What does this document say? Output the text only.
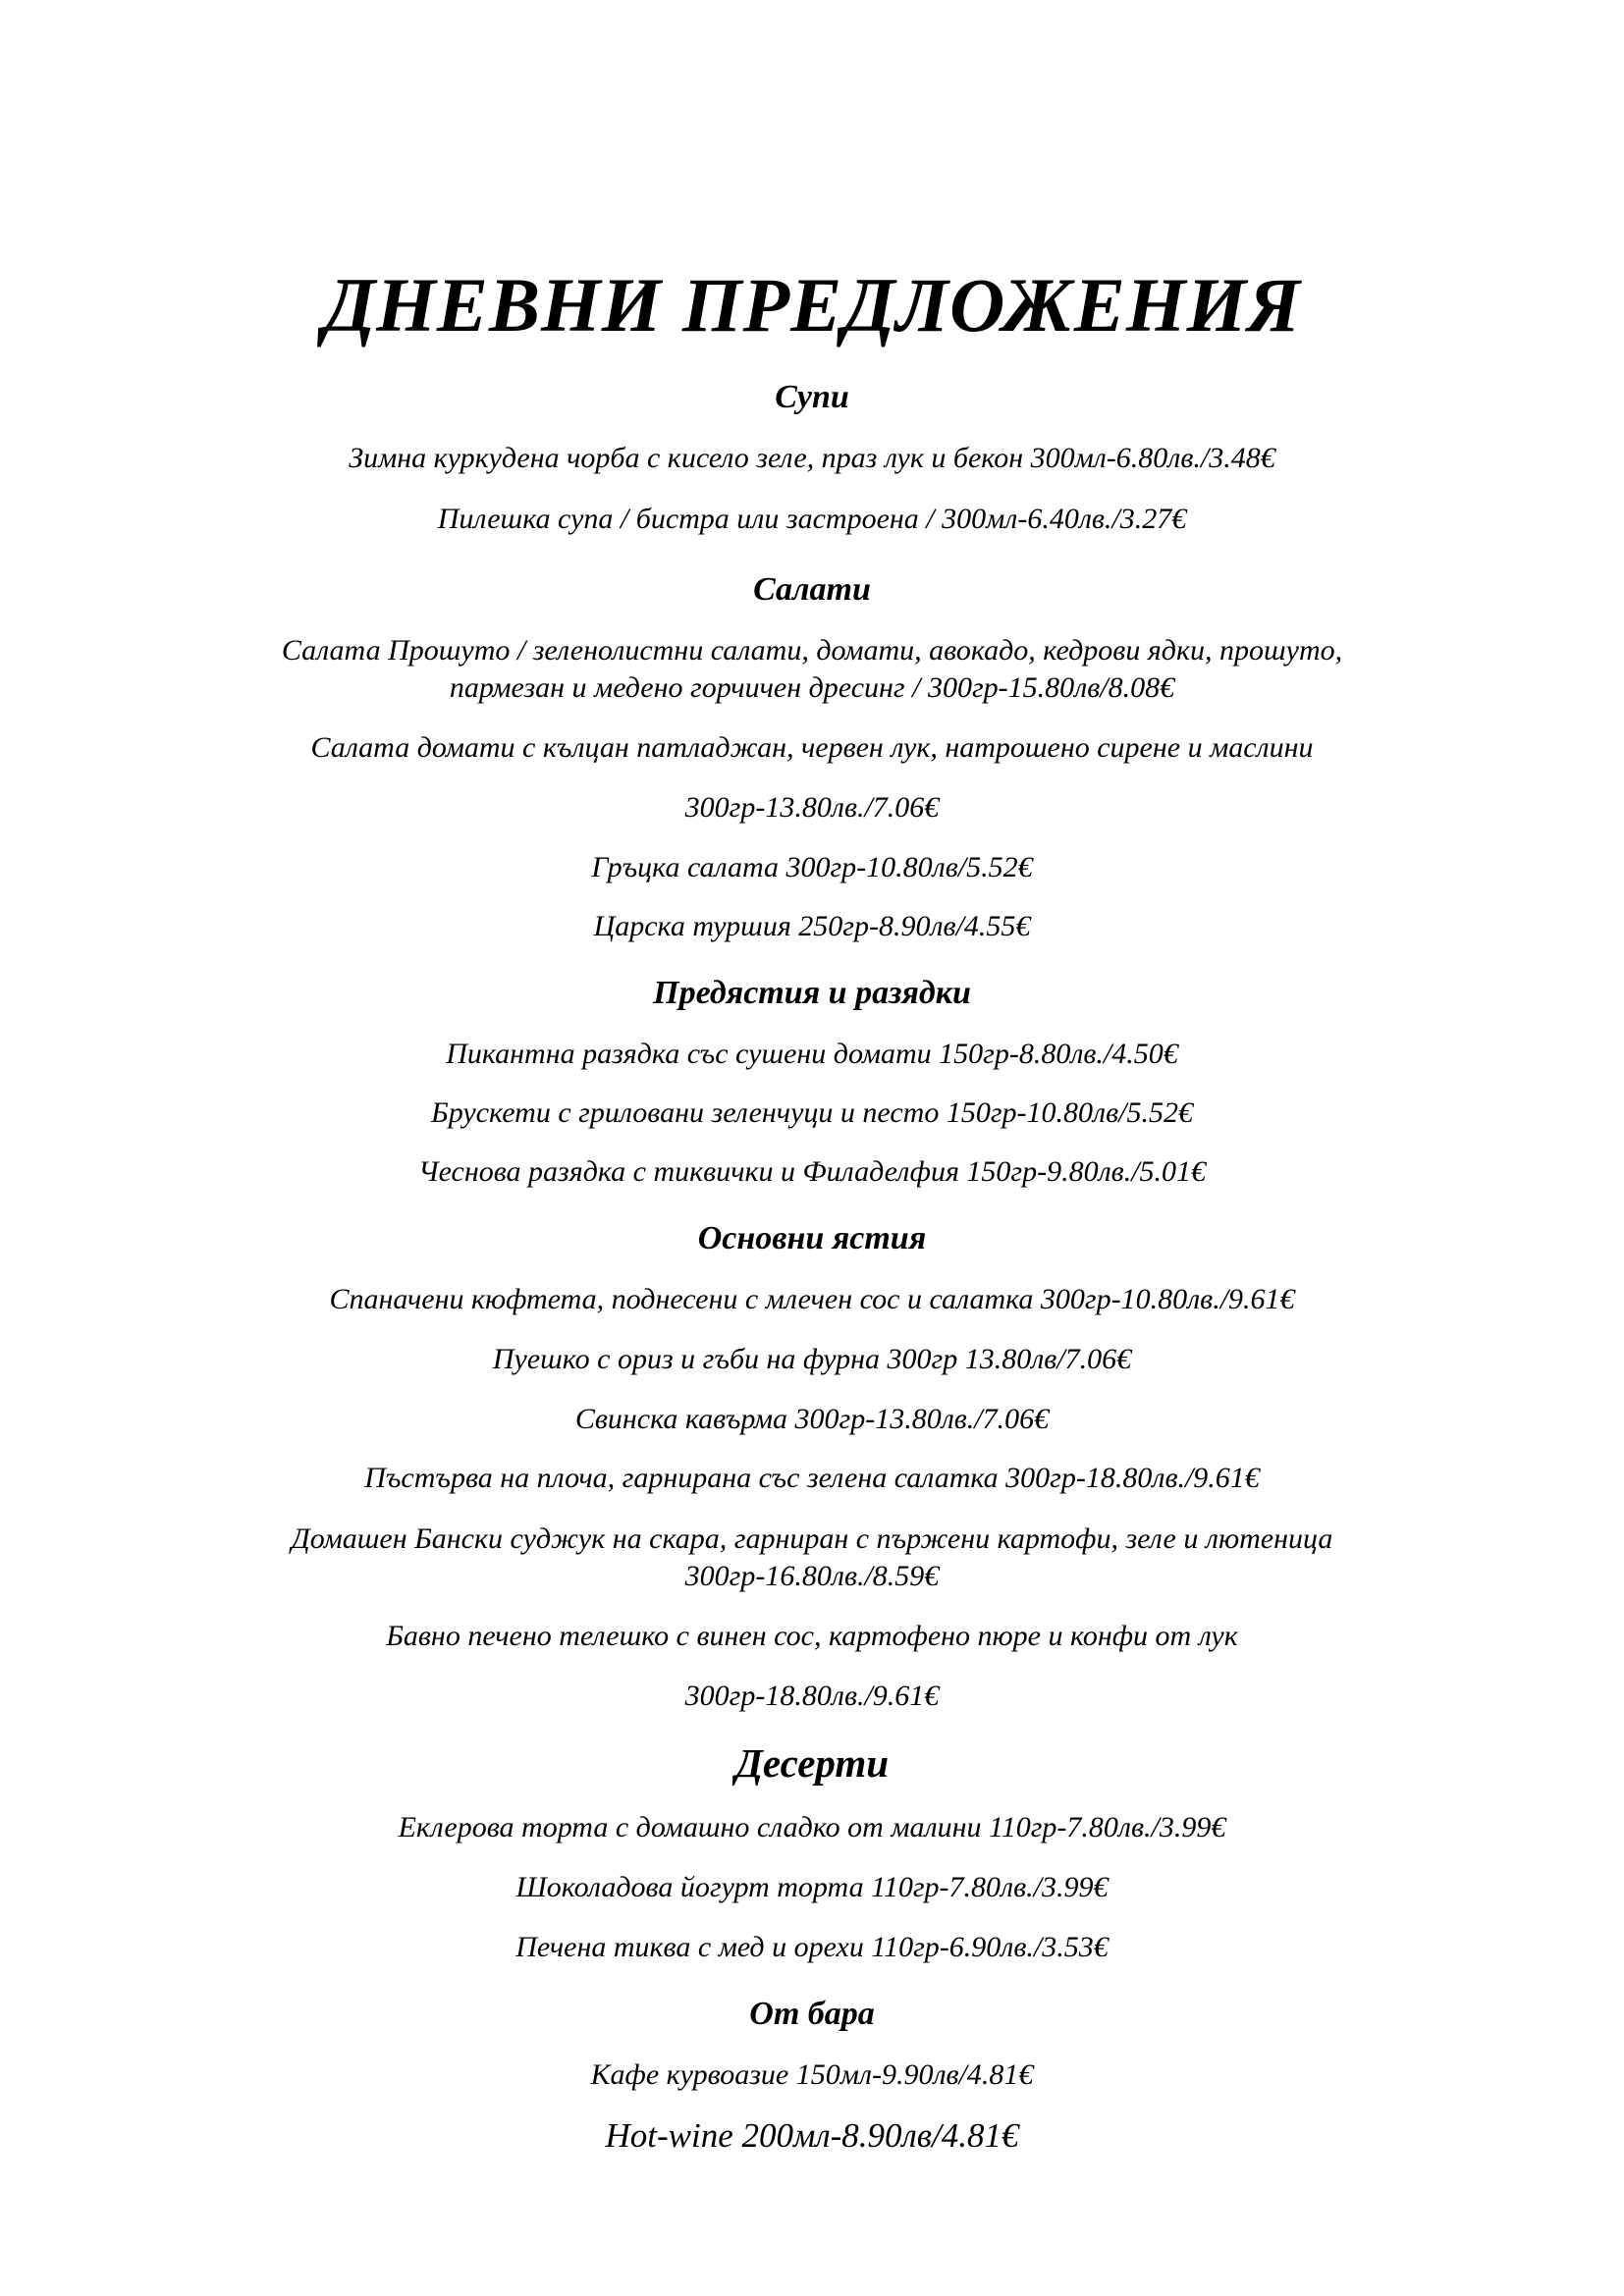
ДНЕВНИ ПРЕДЛОЖЕНИЯ
Супи
Зимна куркудена чорба с кисело зеле, праз лук и бекон 300мл-6.80лв./3.48€
Пилешка супа / бистра или застроена / 300мл-6.40лв./3.27€
Салати
Салата Прошуто / зеленолистни салати, домати, авокадо, кедрови ядки, прошуто,
пармезан и медено горчичен дресинг / 300гр-15.80лв/8.08€
Салата домати с кълцан патладжан, червен лук, натрошено сирене и маслини
300гр-13.80лв./7.06€
Гръцка салата 300гр-10.80лв/5.52€
Царска туршия 250гр-8.90лв/4.55€
Предястия и разядки
Пикантна разядка със сушени домати 150гр-8.80лв./4.50€
Брускети с гриловани зеленчуци и песто 150гр-10.80лв/5.52€
Чеснова разядка с тиквички и Филаделфия 150гр-9.80лв./5.01€
Основни ястия
Спаначени кюфтета, поднесени с млечен сос и салатка 300гр-10.80лв./9.61€
Пуешко с ориз и гъби на фурна 300гр 13.80лв/7.06€
Свинска кавърма 300гр-13.80лв./7.06€
Пъстърва на плоча, гарнирана със зелена салатка 300гр-18.80лв./9.61€
Домашен Бански суджук на скара, гарниран с пържени картофи, зеле и лютеница
300гр-16.80лв./8.59€
Бавно печено телешко с винен сос, картофено пюре и конфи от лук
300гр-18.80лв./9.61€
Десерти
Еклерова торта с домашно сладко от малини 110гр-7.80лв./3.99€
Шоколадова йогурт торта 110гр-7.80лв./3.99€
Печена тиква с мед и орехи 110гр-6.90лв./3.53€
От бара
Кафе курвоазие 150мл-9.90лв/4.81€
Hot-wine 200мл-8.90лв/4.81€
